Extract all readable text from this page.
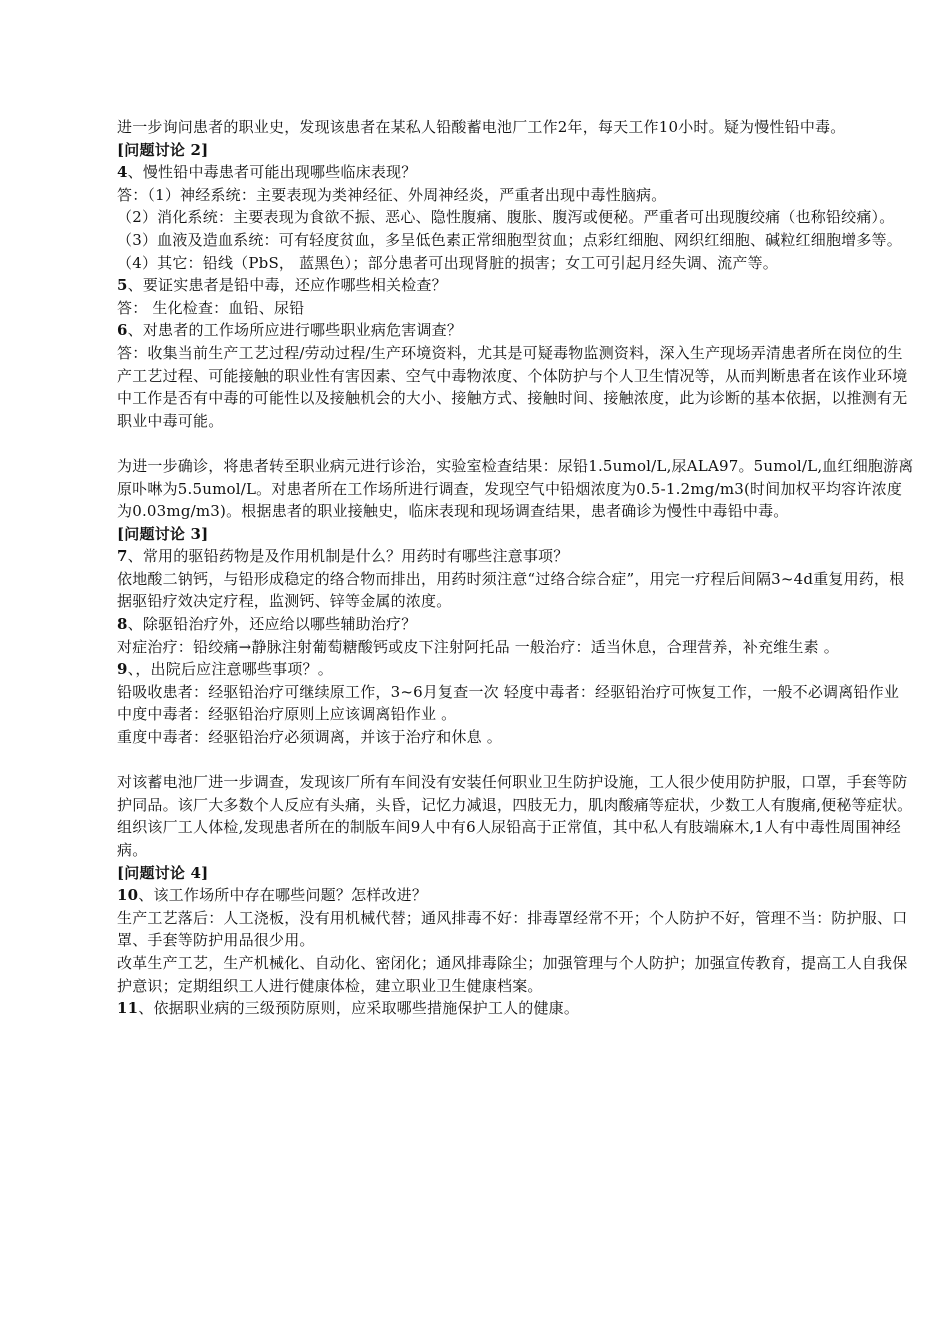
进一步询问患者的职业史，发现该患者在某私人铅酸蓄电池厂工作2年，每天工作10小时。疑为慢性铅中毒。

[问题讨论 2]

4、慢性铅中毒患者可能出现哪些临床表现？

答：（1）神经系统：主要表现为类神经征、外周神经炎，严重者出现中毒性脑病。

（2）消化系统：主要表现为食欲不振、恶心、隐性腹痛、腹胀、腹泻或便秘。严重者可出现腹绞痛（也称铅绞痛）。

（3）血液及造血系统：可有轻度贫血，多呈低色素正常细胞型贫血；点彩红细胞、网织红细胞、碱粒红细胞增多等。

（4）其它：铅线（PbS， 蓝黑色）；部分患者可出现肾脏的损害；女工可引起月经失调、流产等。

5、要证实患者是铅中毒，还应作哪些相关检查？

答： 生化检查：血铅、尿铅

6、对患者的工作场所应进行哪些职业病危害调查？

答：收集当前生产工艺过程/劳动过程/生产环境资料，尤其是可疑毒物监测资料，深入生产现场弄清患者所在岗位的生产工艺过程、可能接触的职业性有害因素、空气中毒物浓度、个体防护与个人卫生情况等，从而判断患者在该作业环境中工作是否有中毒的可能性以及接触机会的大小、接触方式、接触时间、接触浓度，此为诊断的基本依据，以推测有无职业中毒可能。

为进一步确诊，将患者转至职业病元进行诊治，实验室检查结果：尿铅1.5umol/L,尿ALA97。5umol/L,血红细胞游离原卟啉为5.5umol/L。对患者所在工作场所进行调查，发现空气中铅烟浓度为0.5-1.2mg/m3(时间加权平均容许浓度为0.03mg/m3)。根据患者的职业接触史，临床表现和现场调查结果，患者确诊为慢性中毒铅中毒。

[问题讨论 3]

7、常用的驱铅药物是及作用机制是什么？用药时有哪些注意事项？

依地酸二钠钙，与铅形成稳定的络合物而排出，用药时须注意“过络合综合症”，用完一疗程后间隔3~4d重复用药，根据驱铅疗效决定疗程，监测钙、锌等金属的浓度。

8、除驱铅治疗外，还应给以哪些辅助治疗？

对症治疗：铅绞痛→静脉注射葡萄糖酸钙或皮下注射阿托品 一般治疗：适当休息，合理营养，补充维生素 。

9、，出院后应注意哪些事项？。

铅吸收患者：经驱铅治疗可继续原工作，3~6月复查一次 轻度中毒者：经驱铅治疗可恢复工作，一般不必调离铅作业 中度中毒者：经驱铅治疗原则上应该调离铅作业 。

重度中毒者：经驱铅治疗必须调离，并该于治疗和休息 。

对该蓄电池厂进一步调查，发现该厂所有车间没有安装任何职业卫生防护设施，工人很少使用防护服，口罩，手套等防护同品。该厂大多数个人反应有头痛，头昏，记忆力减退，四肢无力，肌肉酸痛等症状，少数工人有腹痛,便秘等症状。组织该厂工人体检,发现患者所在的制版车间9人中有6人尿铅高于正常值，其中私人有肢端麻木,1人有中毒性周围神经病。

[问题讨论 4]

10、该工作场所中存在哪些问题？怎样改进？

生产工艺落后：人工浇板，没有用机械代替；通风排毒不好：排毒罩经常不开；个人防护不好，管理不当：防护服、口罩、手套等防护用品很少用。

改革生产工艺，生产机械化、自动化、密闭化；通风排毒除尘；加强管理与个人防护；加强宣传教育，提高工人自我保护意识；定期组织工人进行健康体检，建立职业卫生健康档案。

11、依据职业病的三级预防原则，应采取哪些措施保护工人的健康。
